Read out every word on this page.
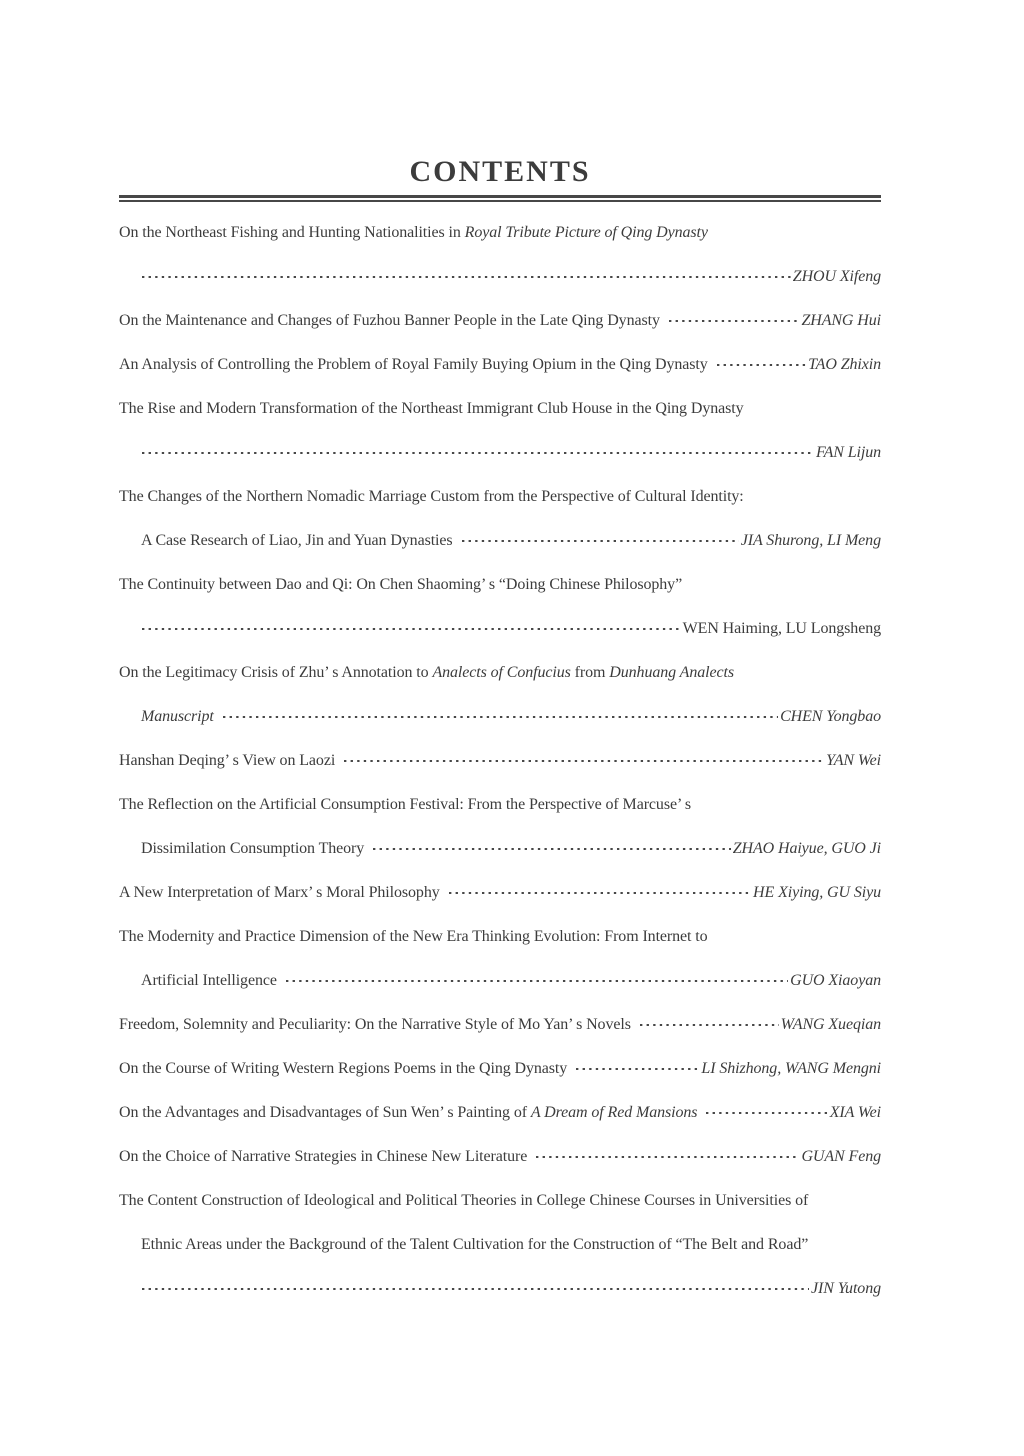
CONTENTS
On the Northeast Fishing and Hunting Nationalities in Royal Tribute Picture of Qing Dynasty
ZHOU Xifeng
On the Maintenance and Changes of Fuzhou Banner People in the Late Qing Dynasty	ZHANG Hui
An Analysis of Controlling the Problem of Royal Family Buying Opium in the Qing Dynasty	TAO Zhixin
The Rise and Modern Transformation of the Northeast Immigrant Club House in the Qing Dynasty
FAN Lijun
The Changes of the Northern Nomadic Marriage Custom from the Perspective of Cultural Identity:
A Case Research of Liao, Jin and Yuan Dynasties	JIA Shurong, LI Meng
The Continuity between Dao and Qi: On Chen Shaoming’ s “Doing Chinese Philosophy”
WEN Haiming, LU Longsheng
On the Legitimacy Crisis of Zhu’ s Annotation to Analects of Confucius from Dunhuang Analects
Manuscript	CHEN Yongbao
Hanshan Deqing’ s View on Laozi	YAN Wei
The Reflection on the Artificial Consumption Festival: From the Perspective of Marcuse’ s
Dissimilation Consumption Theory	ZHAO Haiyue, GUO Ji
A New Interpretation of Marx’ s Moral Philosophy	HE Xiying, GU Siyu
The Modernity and Practice Dimension of the New Era Thinking Evolution: From Internet to
Artificial Intelligence	GUO Xiaoyan
Freedom, Solemnity and Peculiarity: On the Narrative Style of Mo Yan’ s Novels	WANG Xueqian
On the Course of Writing Western Regions Poems in the Qing Dynasty	LI Shizhong, WANG Mengni
On the Advantages and Disadvantages of Sun Wen’ s Painting of A Dream of Red Mansions	XIA Wei
On the Choice of Narrative Strategies in Chinese New Literature	GUAN Feng
The Content Construction of Ideological and Political Theories in College Chinese Courses in Universities of
Ethnic Areas under the Background of the Talent Cultivation for the Construction of “The Belt and Road”
JIN Yutong
